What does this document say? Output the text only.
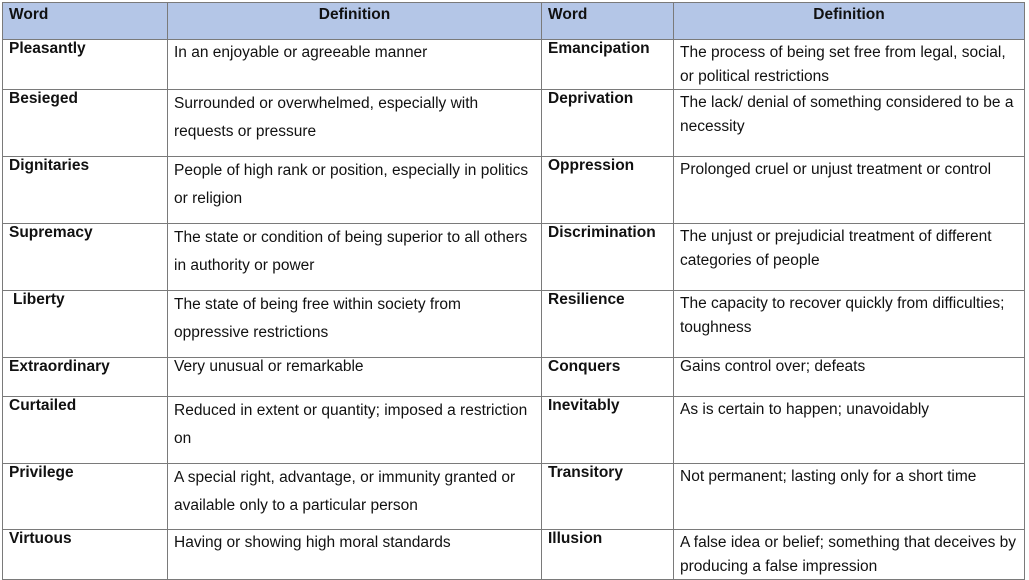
Word	Definition	Word	Definition
Pleasantly	In an enjoyable or agreeable manner	Emancipation	The process of being set free from legal, social, or political restrictions
Besieged	Surrounded or overwhelmed, especially with requests or pressure	Deprivation	The lack/ denial of something considered to be a necessity
Dignitaries	People of high rank or position, especially in politics or religion	Oppression	Prolonged cruel or unjust treatment or control
Supremacy	The state or condition of being superior to all others in authority or power	Discrimination	The unjust or prejudicial treatment of different categories of people
Liberty	The state of being free within society from oppressive restrictions	Resilience	The capacity to recover quickly from difficulties; toughness
Extraordinary	Very unusual or remarkable	Conquers	Gains control over; defeats
Curtailed	Reduced in extent or quantity; imposed a restriction on	Inevitably	As is certain to happen; unavoidably
Privilege	A special right, advantage, or immunity granted or available only to a particular person	Transitory	Not permanent; lasting only for a short time
Virtuous	Having or showing high moral standards	Illusion	A false idea or belief; something that deceives by producing a false impression
